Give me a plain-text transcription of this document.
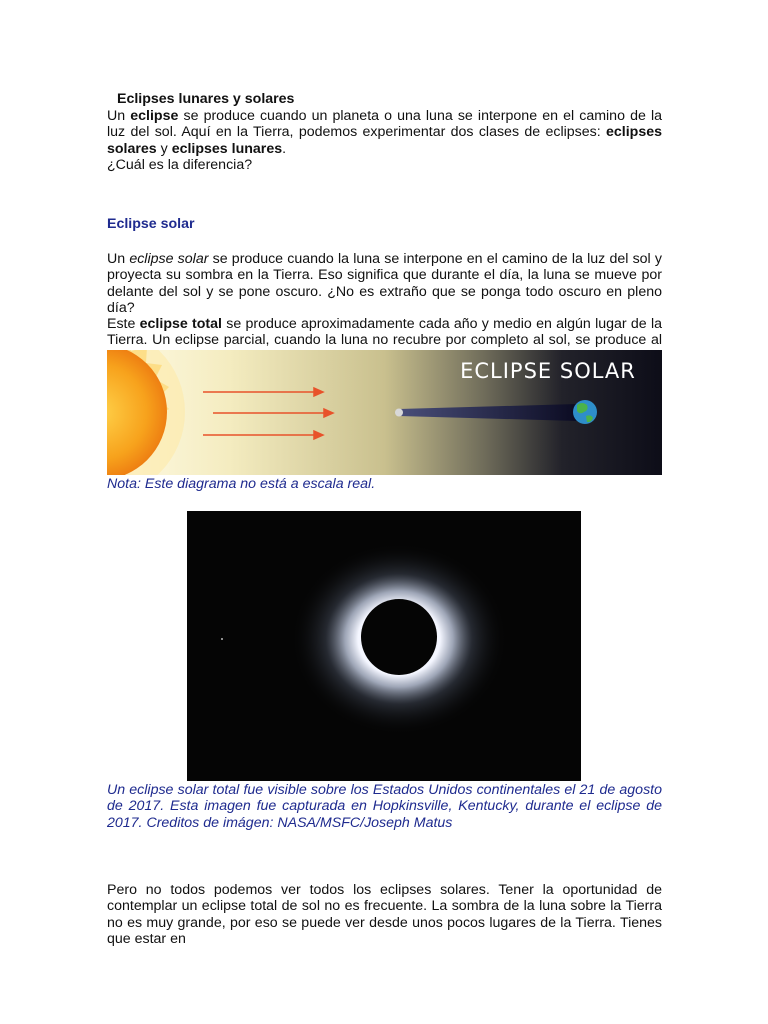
Eclipses lunares y solares

Un eclipse se produce cuando un planeta o una luna se interpone en el camino de la luz del sol. Aquí en la Tierra, podemos experimentar dos clases de eclipses: eclipses solares y eclipses lunares.
¿Cuál es la diferencia?

Eclipse solar

Un eclipse solar se produce cuando la luna se interpone en el camino de la luz del sol y proyecta su sombra en la Tierra. Eso significa que durante el día, la luna se mueve por delante del sol y se pone oscuro. ¿No es extraño que se ponga todo oscuro en pleno día?
Este eclipse total se produce aproximadamente cada año y medio en algún lugar de la Tierra. Un eclipse parcial, cuando la luna no recubre por completo al sol, se produce al

ECLIPSE SOLAR

Nota: Este diagrama no está a escala real.

Un eclipse solar total fue visible sobre los Estados Unidos continentales el 21 de agosto de 2017. Esta imagen fue capturada en Hopkinsville, Kentucky, durante el eclipse de 2017. Creditos de imágen: NASA/MSFC/Joseph Matus

Pero no todos podemos ver todos los eclipses solares. Tener la oportunidad de contemplar un eclipse total de sol no es frecuente. La sombra de la luna sobre la Tierra no es muy grande, por eso se puede ver desde unos pocos lugares de la Tierra. Tienes que estar en
